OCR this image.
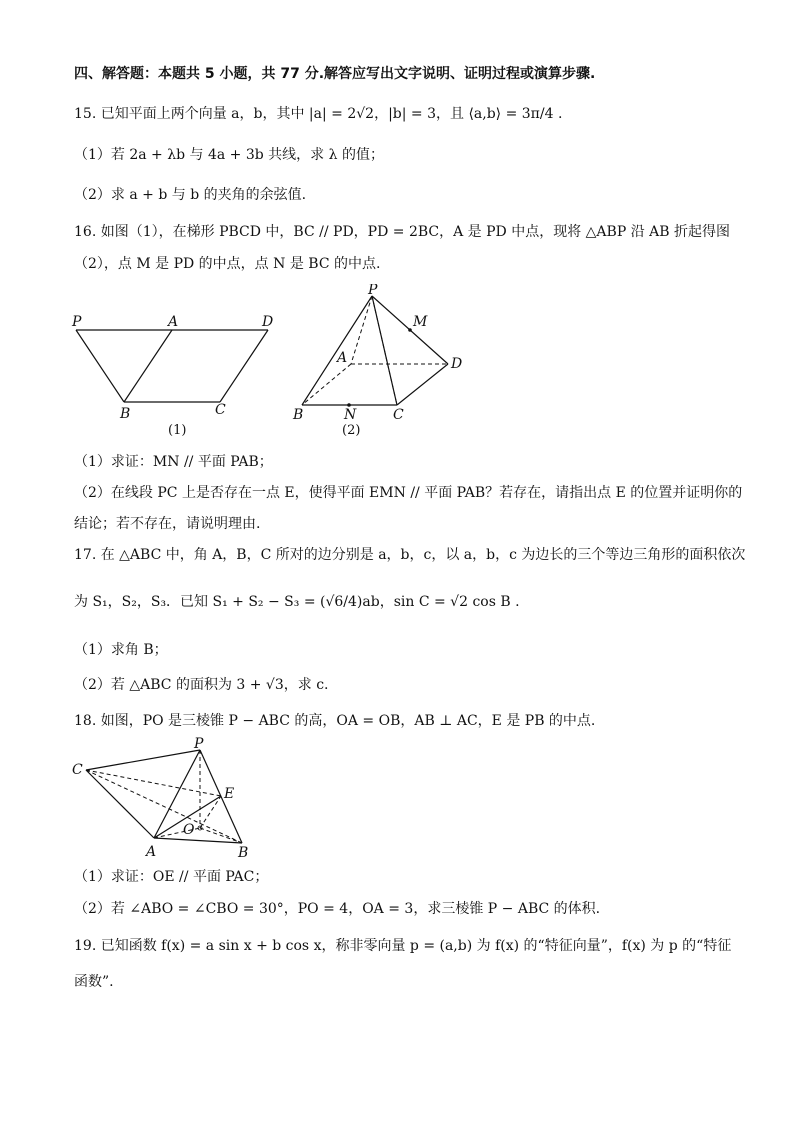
四、解答题：本题共 5 小题，共 77 分.解答应写出文字说明、证明过程或演算步骤.
15. 已知平面上两个向量 a，b，其中 |a| = 2√2，|b| = 3，且 ⟨a,b⟩ = 3π/4 .
（1）若 2a + λb 与 4a + 3b 共线，求 λ 的值；
（2）求 a + b 与 b 的夹角的余弦值.
16. 如图（1），在梯形 PBCD 中，BC // PD，PD = 2BC，A 是 PD 中点，现将 △ABP 沿 AB 折起得图
（2），点 M 是 PD 的中点，点 N 是 BC 的中点.
P	A	D
B	C
(1)
P
M
A	D
B	N	C
(2)
（1）求证：MN // 平面 PAB；
（2）在线段 PC 上是否存在一点 E，使得平面 EMN // 平面 PAB？若存在，请指出点 E 的位置并证明你的
结论；若不存在，请说明理由.
17. 在 △ABC 中，角 A，B，C 所对的边分别是 a，b，c，以 a，b，c 为边长的三个等边三角形的面积依次
为 S₁，S₂，S₃．已知 S₁ + S₂ − S₃ = (√6/4)ab，sin C = √2 cos B .
（1）求角 B；
（2）若 △ABC 的面积为 3 + √3，求 c.
18. 如图，PO 是三棱锥 P − ABC 的高，OA = OB，AB ⊥ AC，E 是 PB 的中点.
P
C
E
O
A	B
（1）求证：OE // 平面 PAC；
（2）若 ∠ABO = ∠CBO = 30°，PO = 4，OA = 3，求三棱锥 P − ABC 的体积.
19. 已知函数 f(x) = a sin x + b cos x，称非零向量 p = (a,b) 为 f(x) 的“特征向量”，f(x) 为 p 的“特征
函数”.
